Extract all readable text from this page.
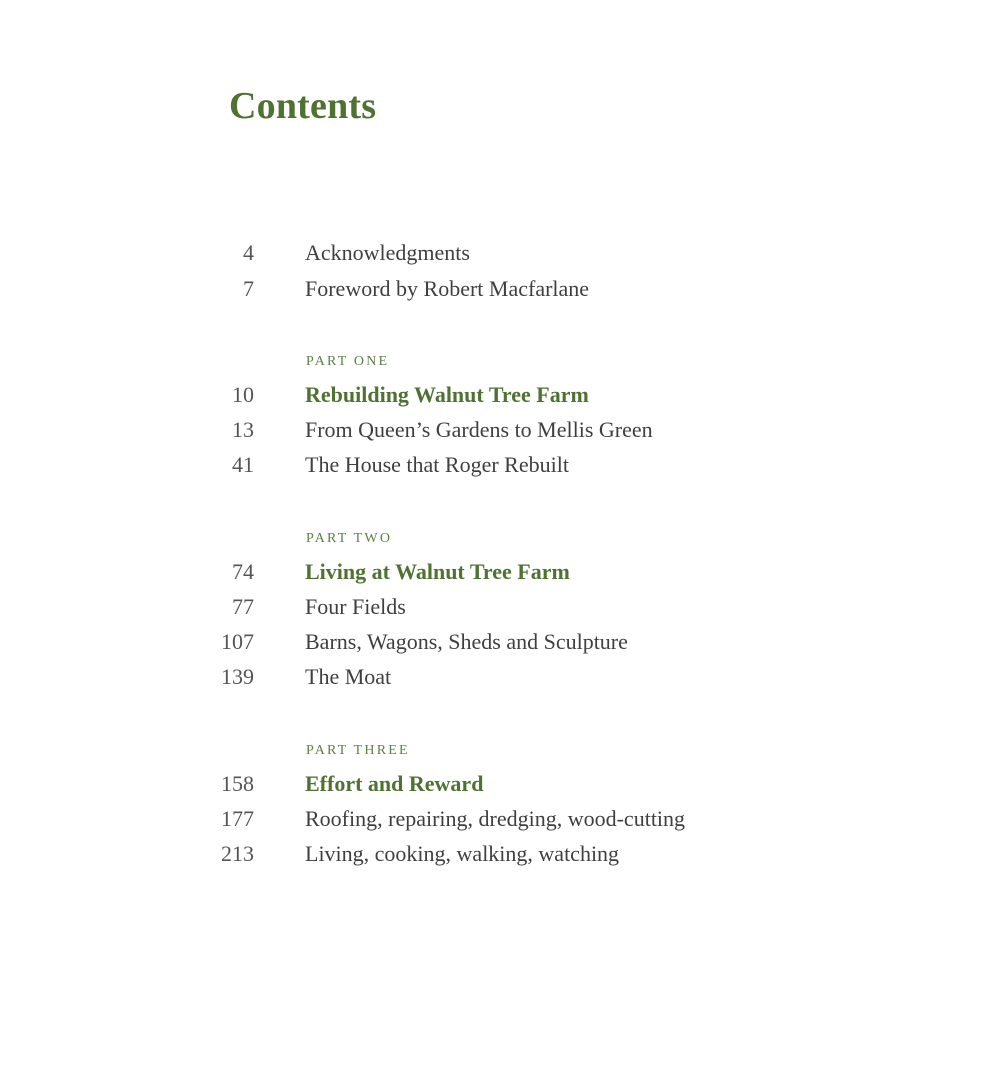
Contents
4 Acknowledgments
7 Foreword by Robert Macfarlane
PART ONE
10 Rebuilding Walnut Tree Farm
13 From Queen’s Gardens to Mellis Green
41 The House that Roger Rebuilt
PART TWO
74 Living at Walnut Tree Farm
77 Four Fields
107 Barns, Wagons, Sheds and Sculpture
139 The Moat
PART THREE
158 Effort and Reward
177 Roofing, repairing, dredging, wood-cutting
213 Living, cooking, walking, watching
